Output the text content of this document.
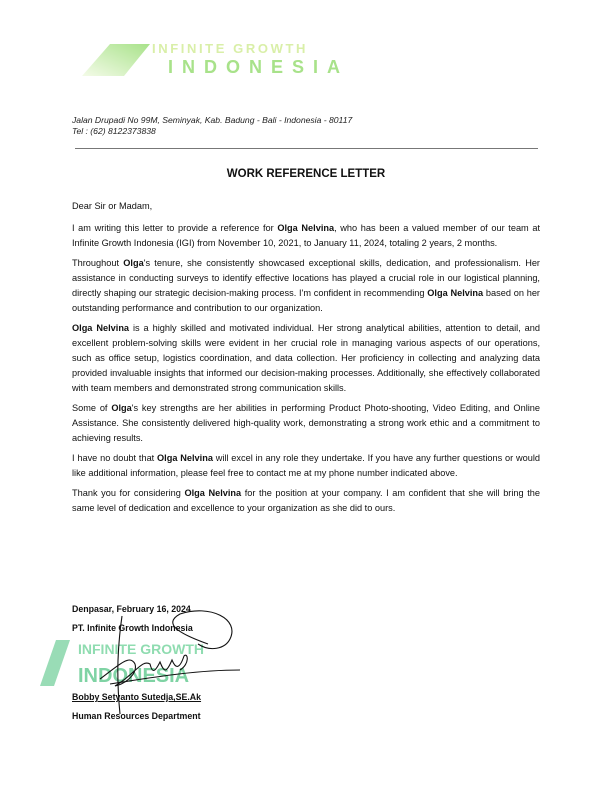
INFINITE GROWTH
INDONESIA
Jalan Drupadi No 99M, Seminyak, Kab. Badung - Bali - Indonesia - 80117
Tel : (62) 8122373838
WORK REFERENCE LETTER

Dear Sir or Madam,

I am writing this letter to provide a reference for Olga Nelvina, who has been a valued member of our team at Infinite Growth Indonesia (IGI) from November 10, 2021, to January 11, 2024, totaling 2 years, 2 months.

Throughout Olga's tenure, she consistently showcased exceptional skills, dedication, and professionalism. Her assistance in conducting surveys to identify effective locations has played a crucial role in our logistical planning, directly shaping our strategic decision-making process. I'm confident in recommending Olga Nelvina based on her outstanding performance and contribution to our organization.

Olga Nelvina is a highly skilled and motivated individual. Her strong analytical abilities, attention to detail, and excellent problem-solving skills were evident in her crucial role in managing various aspects of our operations, such as office setup, logistics coordination, and data collection. Her proficiency in collecting and analyzing data provided invaluable insights that informed our decision-making processes. Additionally, she effectively collaborated with team members and demonstrated strong communication skills.

Some of Olga's key strengths are her abilities in performing Product Photo-shooting, Video Editing, and Online Assistance. She consistently delivered high-quality work, demonstrating a strong work ethic and a commitment to achieving results.

I have no doubt that Olga Nelvina will excel in any role they undertake. If you have any further questions or would like additional information, please feel free to contact me at my phone number indicated above.

Thank you for considering Olga Nelvina for the position at your company. I am confident that she will bring the same level of dedication and excellence to your organization as she did to ours.

INFINITE GROWTH
INDONESIA
Denpasar, February 16, 2024
PT. Infinite Growth Indonesia
Bobby Setyanto Sutedja,SE.Ak
Human Resources Department
